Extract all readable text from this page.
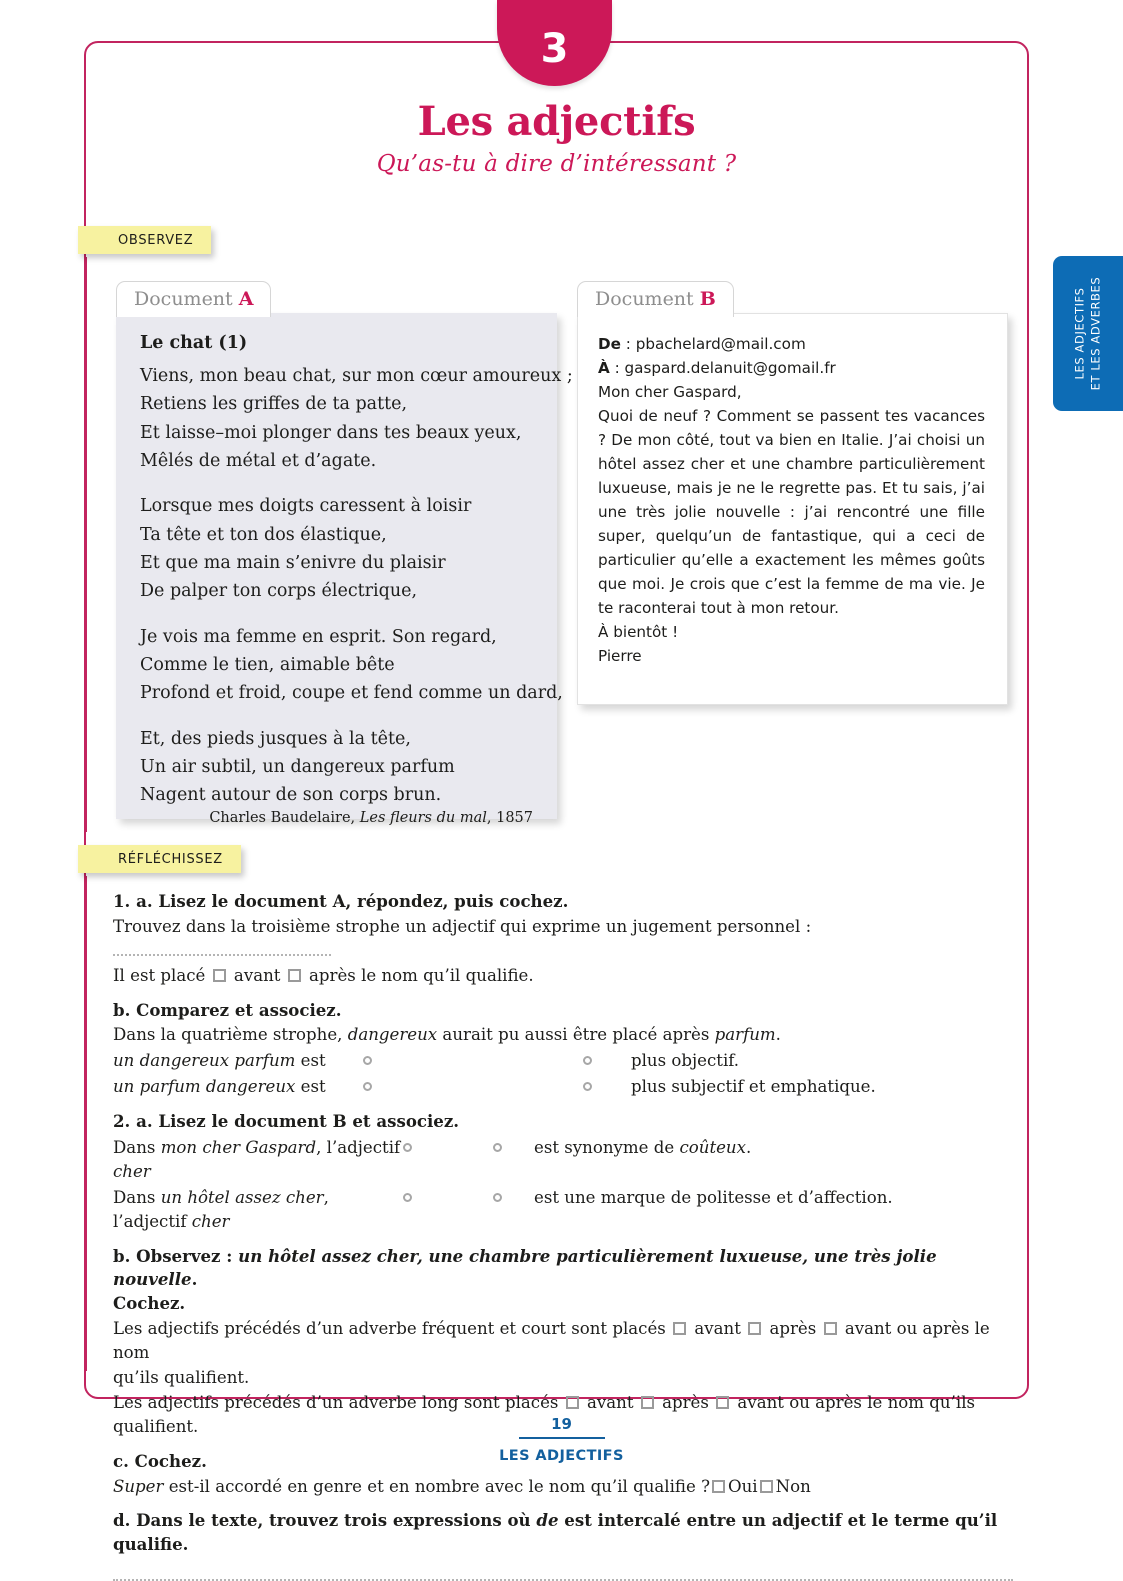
3
Les adjectifs
Qu’as-tu à dire d’intéressant ?
OBSERVEZ
Document A
Le chat (1)
Viens, mon beau chat, sur mon cœur amoureux ;
Retiens les griffes de ta patte,
Et laisse–moi plonger dans tes beaux yeux,
Mêlés de métal et d’agate.
Lorsque mes doigts caressent à loisir
Ta tête et ton dos élastique,
Et que ma main s’enivre du plaisir
De palper ton corps électrique,
Je vois ma femme en esprit. Son regard,
Comme le tien, aimable bête
Profond et froid, coupe et fend comme un dard,
Et, des pieds jusques à la tête,
Un air subtil, un dangereux parfum
Nagent autour de son corps brun.
Charles Baudelaire, Les fleurs du mal, 1857
Document B
De : pbachelard@mail.com
À : gaspard.delanuit@gomail.fr
Mon cher Gaspard,
Quoi de neuf ? Comment se passent tes vacances ? De mon côté, tout va bien en Italie. J’ai choisi un hôtel assez cher et une chambre particulièrement luxueuse, mais je ne le regrette pas. Et tu sais, j’ai une très jolie nouvelle : j’ai rencontré une fille super, quelqu’un de fantastique, qui a ceci de particulier qu’elle a exactement les mêmes goûts que moi. Je crois que c’est la femme de ma vie. Je te raconterai tout à mon retour.
À bientôt !
Pierre
RÉFLÉCHISSEZ
1. a. Lisez le document A, répondez, puis cochez.
Trouvez dans la troisième strophe un adjectif qui exprime un jugement personnel :
Il est placé avant après le nom qu’il qualifie.
b. Comparez et associez.
Dans la quatrième strophe, dangereux aurait pu aussi être placé après parfum.
un dangereux parfum est	plus objectif.
un parfum dangereux est	plus subjectif et emphatique.
2. a. Lisez le document B et associez.
Dans mon cher Gaspard, l’adjectif cher
est synonyme de coûteux.
Dans un hôtel assez cher, l’adjectif cher
est une marque de politesse et d’affection.
b. Observez : un hôtel assez cher, une chambre particulièrement luxueuse, une très jolie nouvelle.
Cochez.
Les adjectifs précédés d’un adverbe fréquent et court sont placés avant après avant ou après le nom
qu’ils qualifient.
Les adjectifs précédés d’un adverbe long sont placés avant après avant ou après le nom qu’ils qualifient.
c. Cochez.
Super est-il accordé en genre et en nombre avec le nom qu’il qualifie ? Oui Non
d. Dans le texte, trouvez trois expressions où de est intercalé entre un adjectif et le terme qu’il qualifie.
LES ADJECTIFS ET LES ADVERBES
19
LES ADJECTIFS
